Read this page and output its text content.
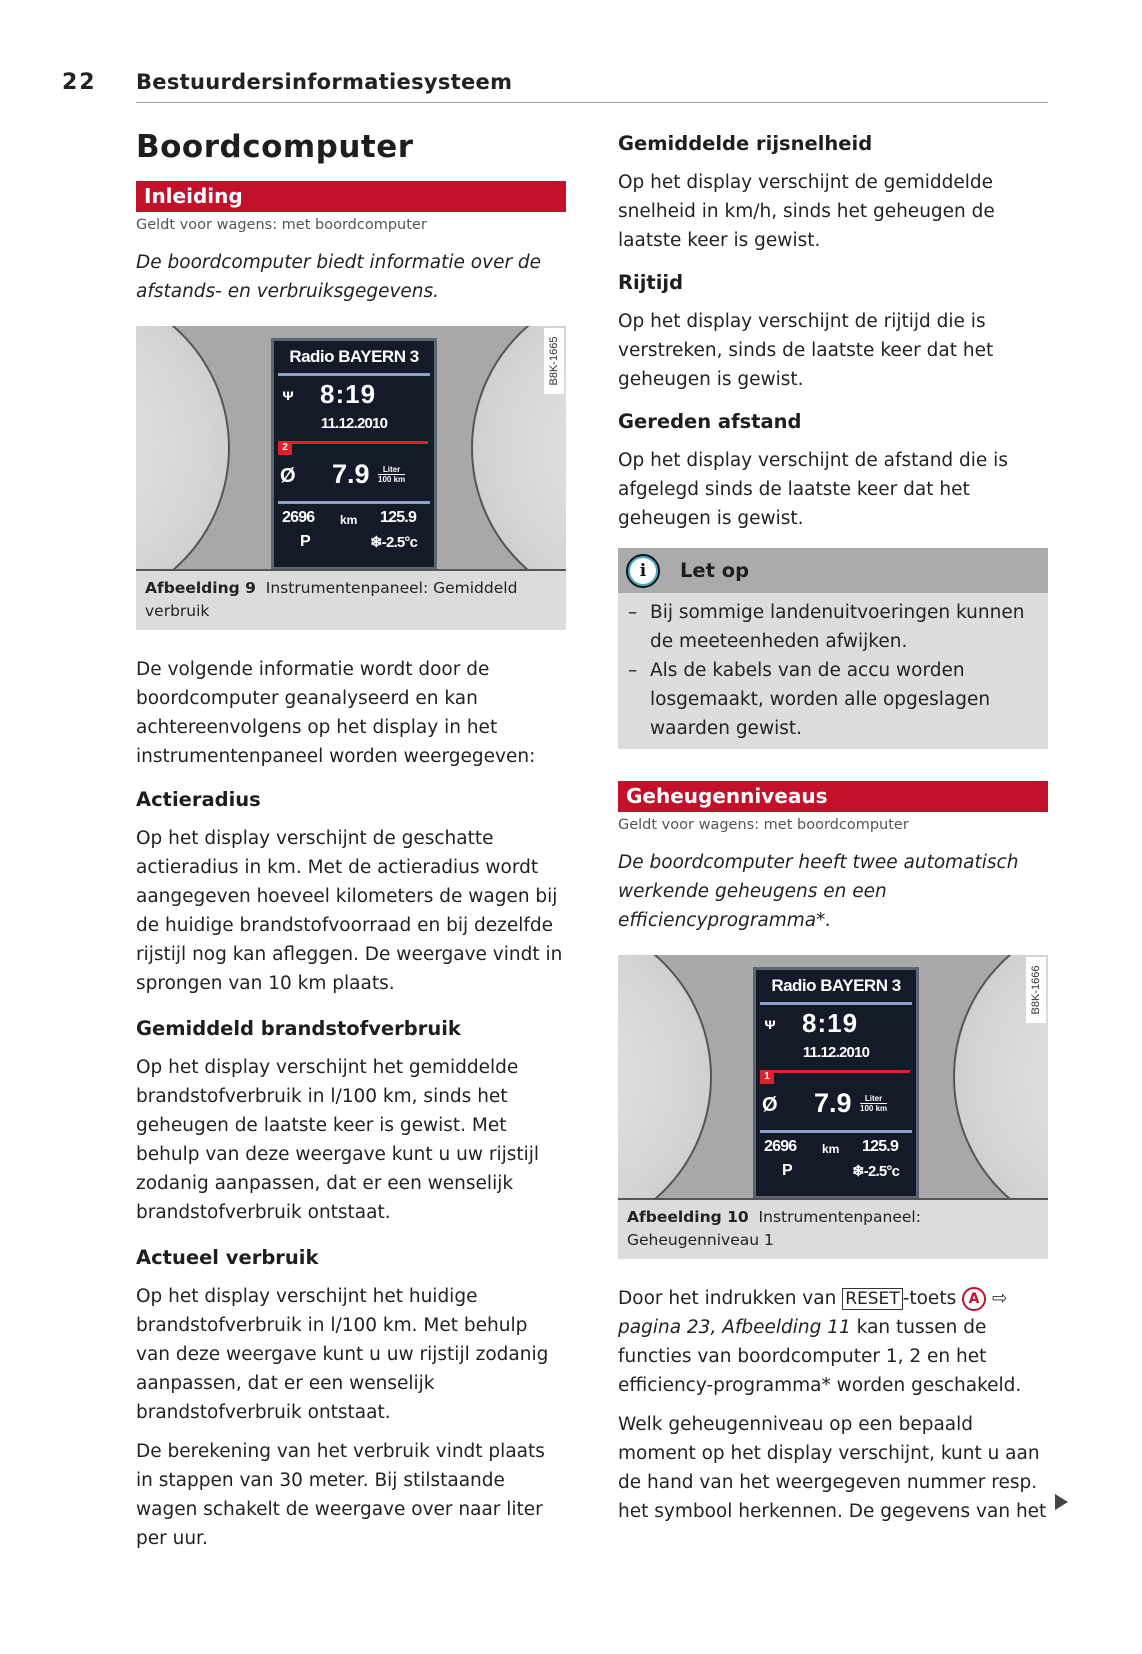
22 Bestuurdersinformatiesysteem
Boordcomputer
Inleiding
Geldt voor wagens: met boordcomputer
De boordcomputer biedt informatie over de afstands- en verbruiksgegevens.
Radio BAYERN 3
ᴪ 8:19
11.12.2010
2
Ø 7.9	Liter
100 km
2696 km 125.9
P	❄-2.5°c
B8K-1665
Afbeelding 9 Instrumentenpaneel: Gemiddeld verbruik

De volgende informatie wordt door de boordcomputer geanalyseerd en kan achtereenvolgens op het display in het instrumentenpaneel worden weergegeven:

Actieradius

Op het display verschijnt de geschatte actieradius in km. Met de actieradius wordt aangegeven hoeveel kilometers de wagen bij de huidige brandstofvoorraad en bij dezelfde rijstijl nog kan afleggen. De weergave vindt in sprongen van 10 km plaats.

Gemiddeld brandstofverbruik

Op het display verschijnt het gemiddelde brandstofverbruik in l/100 km, sinds het geheugen de laatste keer is gewist. Met behulp van deze weergave kunt u uw rijstijl zodanig aanpassen, dat er een wenselijk brandstofverbruik ontstaat.

Actueel verbruik

Op het display verschijnt het huidige brandstofverbruik in l/100 km. Met behulp van deze weergave kunt u uw rijstijl zodanig aanpassen, dat er een wenselijk brandstofverbruik ontstaat.

De berekening van het verbruik vindt plaats in stappen van 30 meter. Bij stilstaande wagen schakelt de weergave over naar liter per uur.

Gemiddelde rijsnelheid

Op het display verschijnt de gemiddelde snelheid in km/h, sinds het geheugen de laatste keer is gewist.

Rijtijd

Op het display verschijnt de rijtijd die is verstreken, sinds de laatste keer dat het geheugen is gewist.

Gereden afstand

Op het display verschijnt de afstand die is afgelegd sinds de laatste keer dat het geheugen is gewist.

i	Let op
– Bij sommige landenuitvoeringen kunnen de meeteenheden afwijken.
– Als de kabels van de accu worden losgemaakt, worden alle opgeslagen waarden gewist.
Geheugenniveaus
Geldt voor wagens: met boordcomputer
De boordcomputer heeft twee automatisch werkende geheugens en een efficiencyprogramma*.
Radio BAYERN 3
ᴪ 8:19
11.12.2010
1
Ø 7.9	Liter
100 km
2696 km 125.9
P	❄-2.5°c
B8K-1666
Afbeelding 10 Instrumentenpaneel: Geheugenniveau 1

Door het indrukken van RESET -toets A ⇨ pagina 23, Afbeelding 11 kan tussen de functies van boordcomputer 1, 2 en het efficiency-programma* worden geschakeld.

Welk geheugenniveau op een bepaald moment op het display verschijnt, kunt u aan de hand van het weergegeven nummer resp. het symbool herkennen. De gegevens van het
